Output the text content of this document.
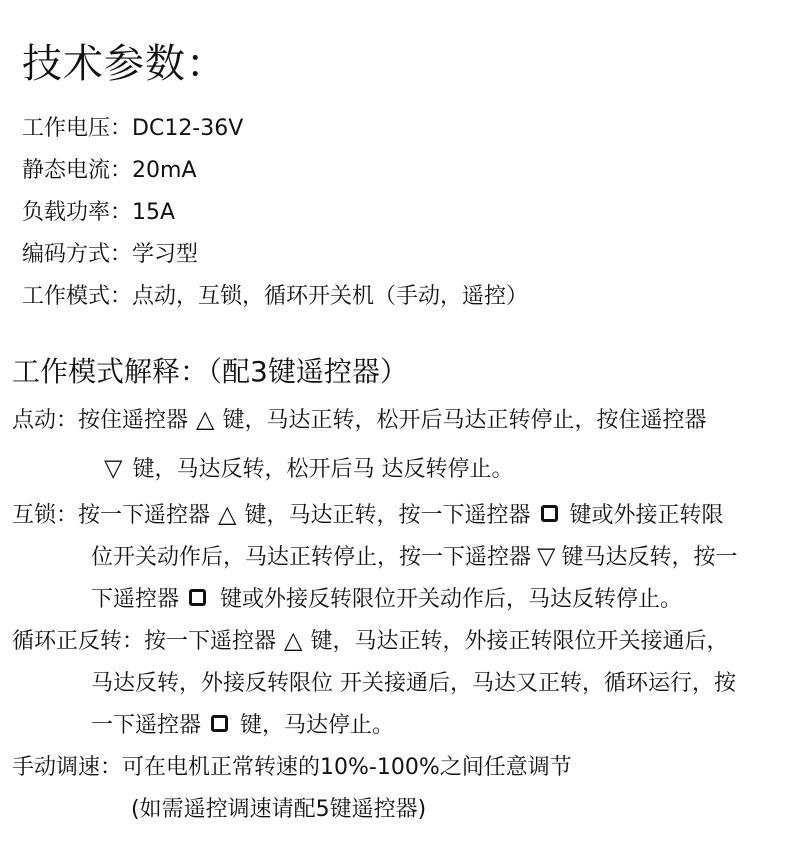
技术参数：
工作电压：DC12-36V
静态电流：20mA
负载功率：15A
编码方式：学习型
工作模式：点动，互锁，循环开关机（手动，遥控）
工作模式解释：（配3键遥控器）
点动：按住遥控器 △ 键，马达正转，松开后马达正转停止，按住遥控器
▽ 键，马达反转，松开后马 达反转停止。
互锁：按一下遥控器 △ 键，马达正转，按一下遥控器 键或外接正转限
位开关动作后，马达正转停止，按一下遥控器 ▽ 键马达反转，按一
下遥控器 键或外接反转限位开关动作后，马达反转停止。
循环正反转：按一下遥控器 △ 键，马达正转，外接正转限位开关接通后，
马达反转，外接反转限位 开关接通后，马达又正转，循环运行，按
一下遥控器 键，马达停止。
手动调速：可在电机正常转速的10%-100%之间任意调节
(如需遥控调速请配5键遥控器)
